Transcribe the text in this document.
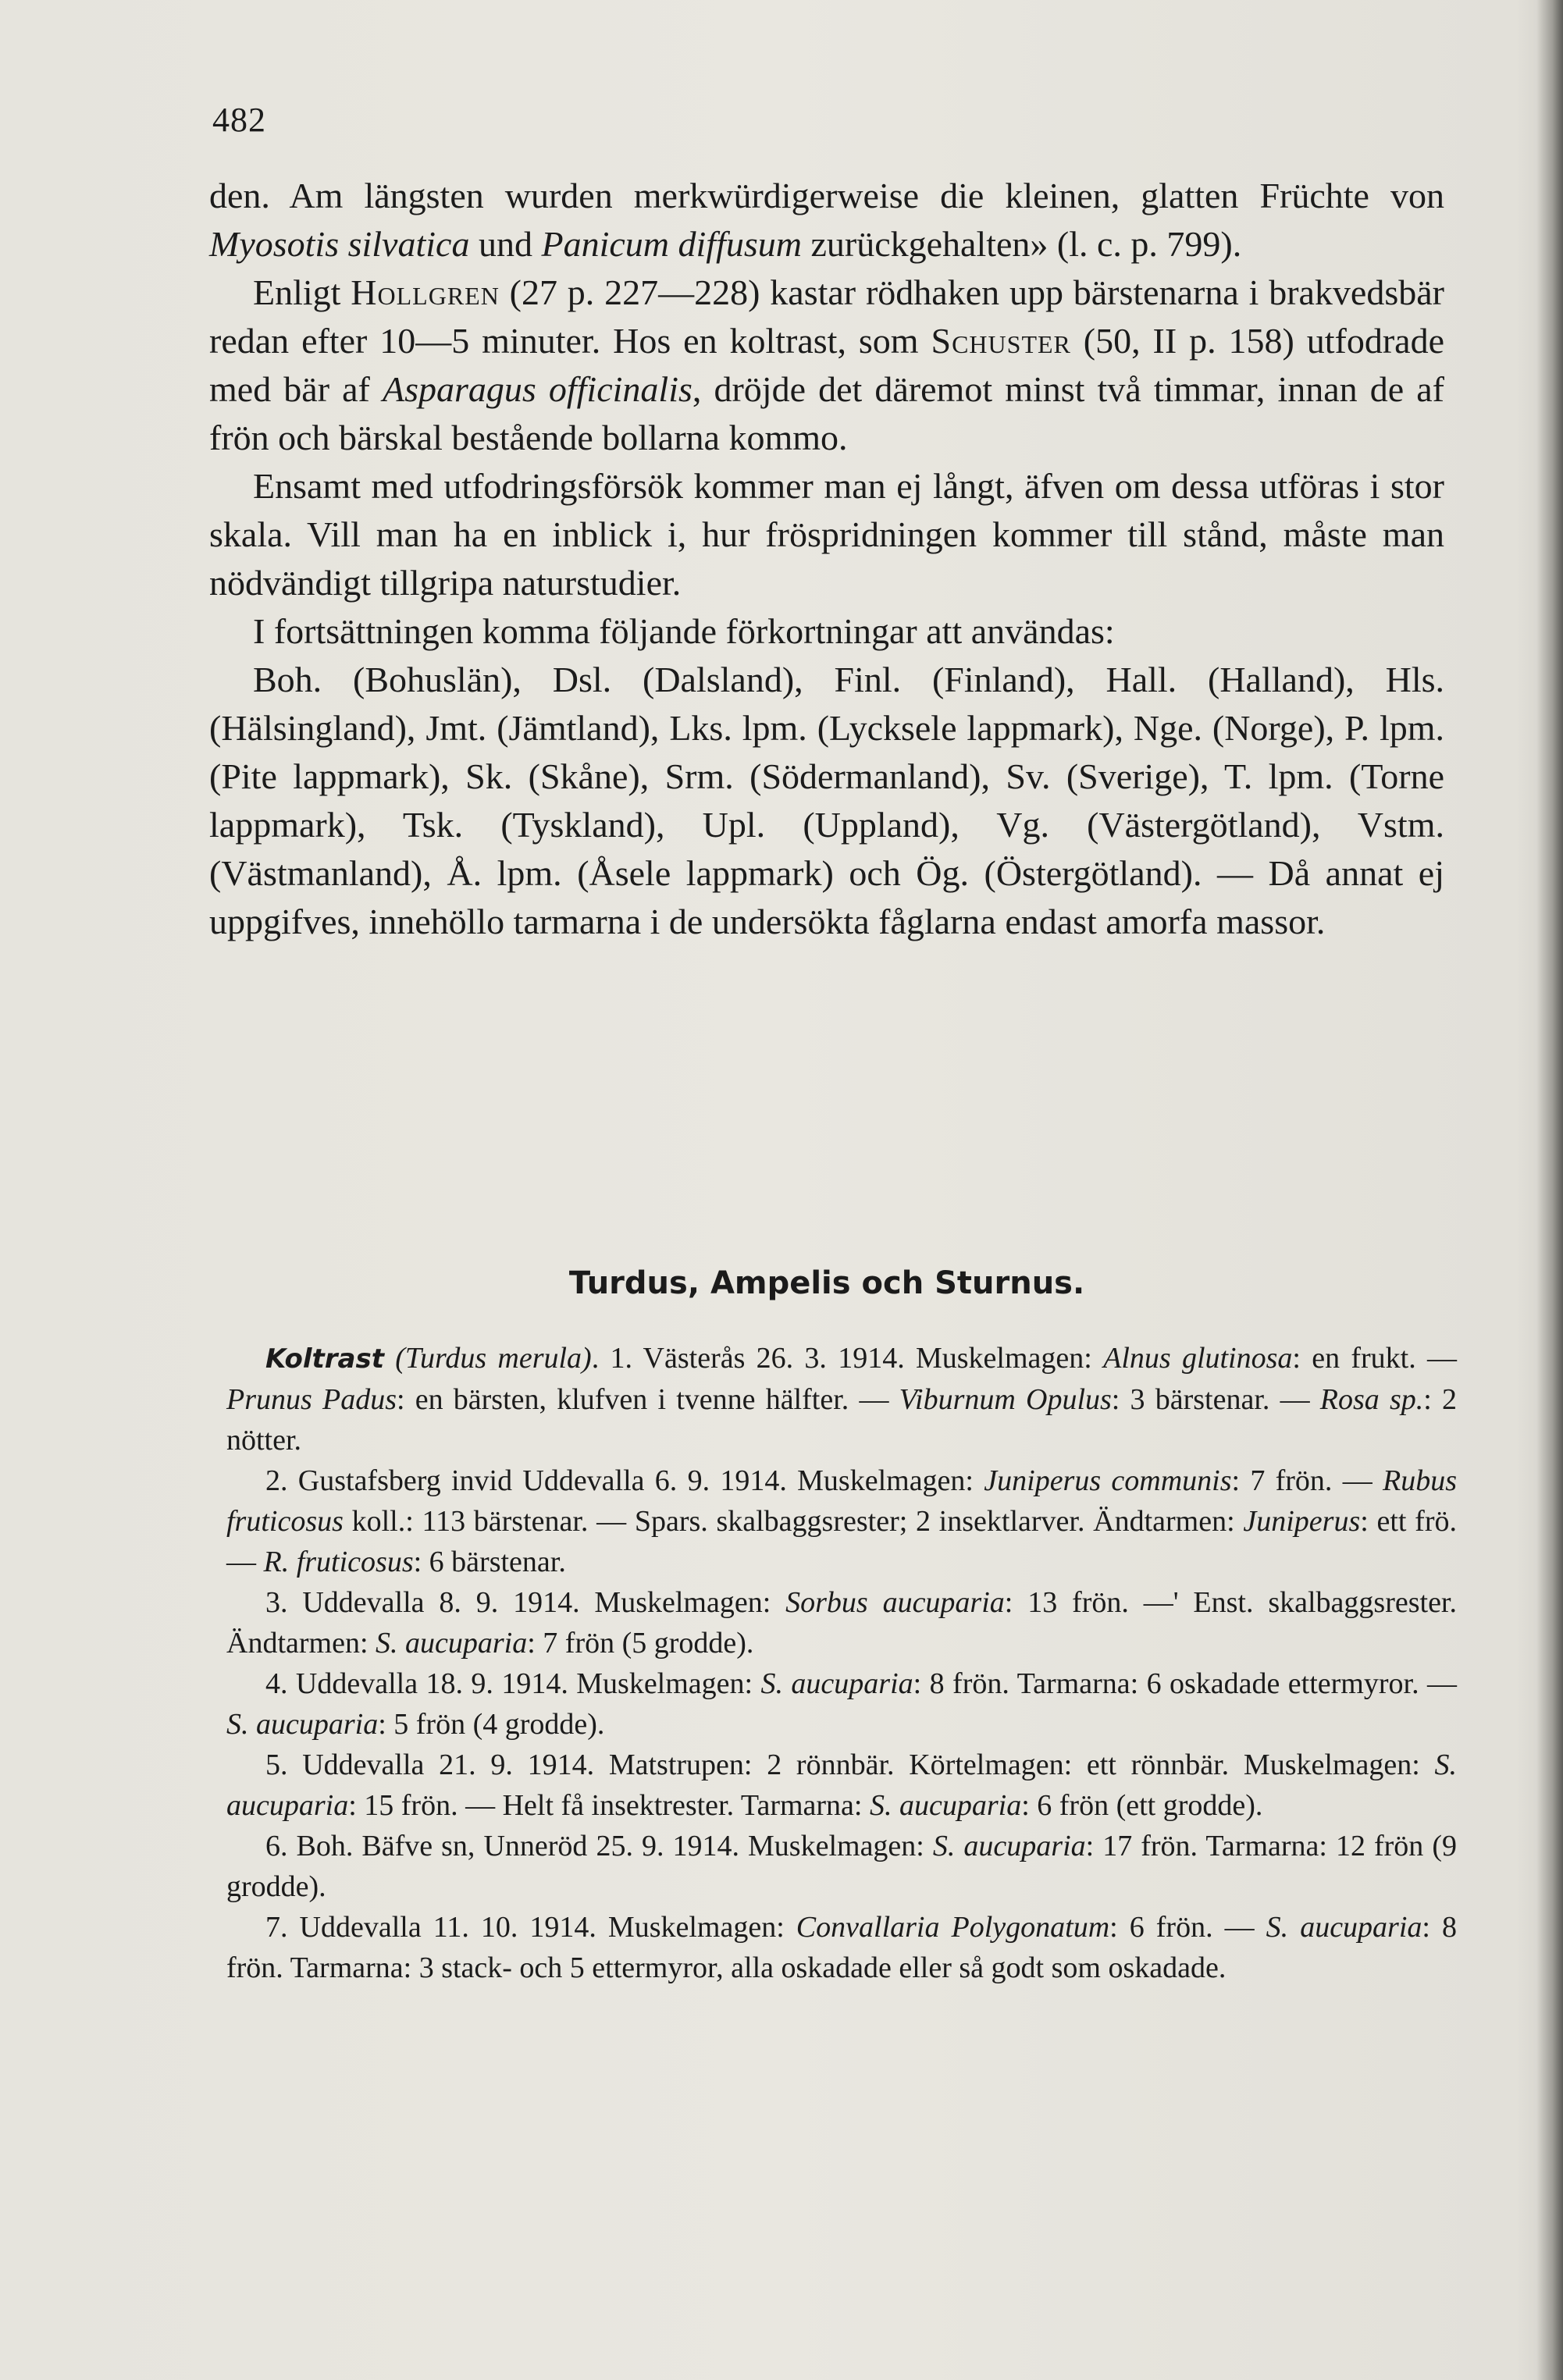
482

den. Am längsten wurden merkwürdigerweise die kleinen, glatten Früchte von Myosotis silvatica und Panicum diffusum zurückgehalten» (l. c. p. 799).

Enligt Hollgren (27 p. 227—228) kastar rödhaken upp bärstenarna i brakvedsbär redan efter 10—5 minuter. Hos en koltrast, som Schuster (50, II p. 158) utfodrade med bär af Asparagus officinalis, dröjde det däremot minst två timmar, innan de af frön och bärskal bestående bollarna kommo.

Ensamt med utfodringsförsök kommer man ej långt, äfven om dessa utföras i stor skala. Vill man ha en inblick i, hur fröspridningen kommer till stånd, måste man nödvändigt tillgripa naturstudier.

I fortsättningen komma följande förkortningar att användas:

Boh. (Bohuslän), Dsl. (Dalsland), Finl. (Finland), Hall. (Halland), Hls. (Hälsingland), Jmt. (Jämtland), Lks. lpm. (Lycksele lappmark), Nge. (Norge), P. lpm. (Pite lappmark), Sk. (Skåne), Srm. (Södermanland), Sv. (Sverige), T. lpm. (Torne lappmark), Tsk. (Tyskland), Upl. (Uppland), Vg. (Västergötland), Vstm. (Västmanland), Å. lpm. (Åsele lappmark) och Ög. (Östergötland). — Då annat ej uppgifves, innehöllo tarmarna i de undersökta fåglarna endast amorfa massor.

Turdus, Ampelis och Sturnus.

Koltrast (Turdus merula). 1. Västerås 26. 3. 1914. Muskelmagen: Alnus glutinosa: en frukt. — Prunus Padus: en bärsten, klufven i tvenne hälfter. — Viburnum Opulus: 3 bärstenar. — Rosa sp.: 2 nötter.

2. Gustafsberg invid Uddevalla 6. 9. 1914. Muskelmagen: Juniperus communis: 7 frön. — Rubus fruticosus koll.: 113 bärstenar. — Spars. skalbaggsrester; 2 insektlarver. Ändtarmen: Juniperus: ett frö. — R. fruticosus: 6 bärstenar.

3. Uddevalla 8. 9. 1914. Muskelmagen: Sorbus aucuparia: 13 frön. —' Enst. skalbaggsrester. Ändtarmen: S. aucuparia: 7 frön (5 grodde).

4. Uddevalla 18. 9. 1914. Muskelmagen: S. aucuparia: 8 frön. Tarmarna: 6 oskadade ettermyror. — S. aucuparia: 5 frön (4 grodde).

5. Uddevalla 21. 9. 1914. Matstrupen: 2 rönnbär. Körtelmagen: ett rönnbär. Muskelmagen: S. aucuparia: 15 frön. — Helt få insektrester. Tarmarna: S. aucuparia: 6 frön (ett grodde).

6. Boh. Bäfve sn, Unneröd 25. 9. 1914. Muskelmagen: S. aucuparia: 17 frön. Tarmarna: 12 frön (9 grodde).

7. Uddevalla 11. 10. 1914. Muskelmagen: Convallaria Polygonatum: 6 frön. — S. aucuparia: 8 frön. Tarmarna: 3 stack- och 5 ettermyror, alla oskadade eller så godt som oskadade.
